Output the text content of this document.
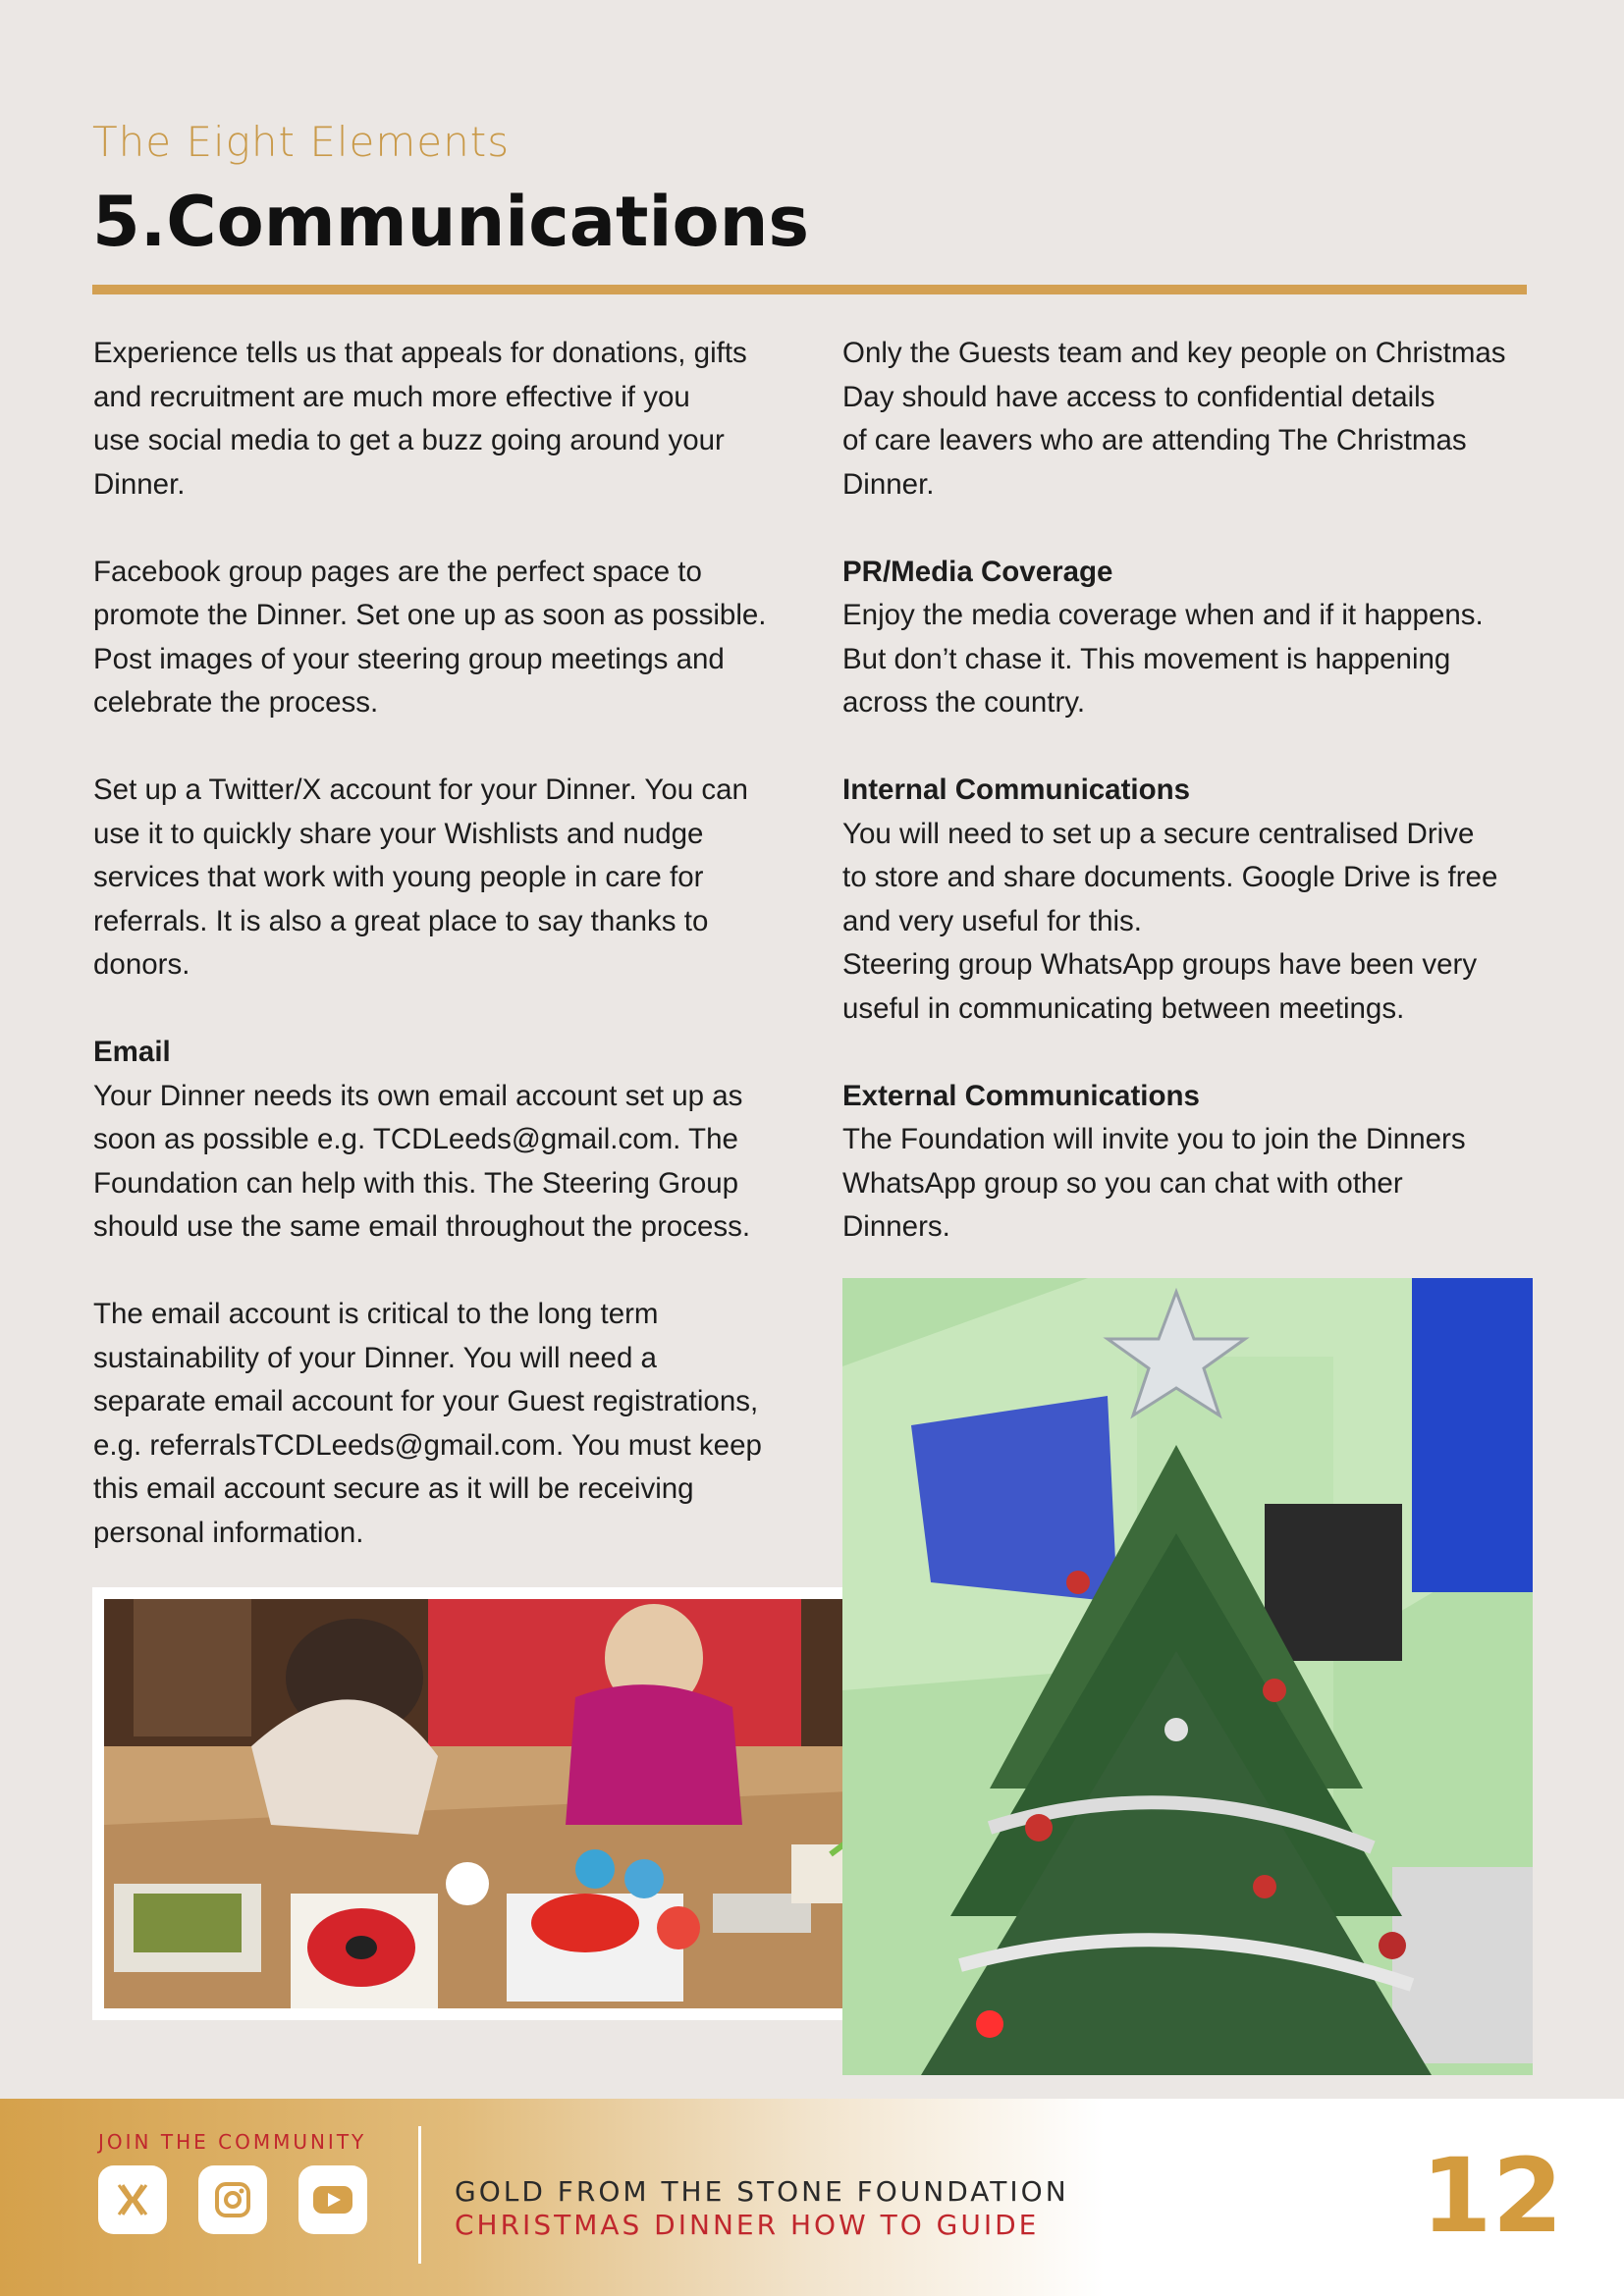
The Eight Elements
5.Communications

Experience tells us that appeals for donations, gifts
and recruitment are much more effective if you
use social media to get a buzz going around your
Dinner.

Facebook group pages are the perfect space to
promote the Dinner. Set one up as soon as possible.
Post images of your steering group meetings and
celebrate the process.

Set up a Twitter/X account for your Dinner. You can
use it to quickly share your Wishlists and nudge
services that work with young people in care for
referrals. It is also a great place to say thanks to
donors.

Email

Your Dinner needs its own email account set up as
soon as possible e.g. TCDLeeds@gmail.com. The
Foundation can help with this. The Steering Group
should use the same email throughout the process.

The email account is critical to the long term
sustainability of your Dinner. You will need a
separate email account for your Guest registrations,
e.g. referralsTCDLeeds@gmail.com. You must keep
this email account secure as it will be receiving
personal information.

Only the Guests team and key people on Christmas
Day should have access to confidential details
of care leavers who are attending The Christmas
Dinner.

PR/Media Coverage

Enjoy the media coverage when and if it happens.
But don’t chase it. This movement is happening
across the country.

Internal Communications

You will need to set up a secure centralised Drive
to store and share documents. Google Drive is free
and very useful for this.
Steering group WhatsApp groups have been very
useful in communicating between meetings.

External Communications

The Foundation will invite you to join the Dinners
WhatsApp group so you can chat with other
Dinners.

JOIN THE COMMUNITY
GOLD FROM THE STONE FOUNDATION
CHRISTMAS DINNER HOW TO GUIDE	12
